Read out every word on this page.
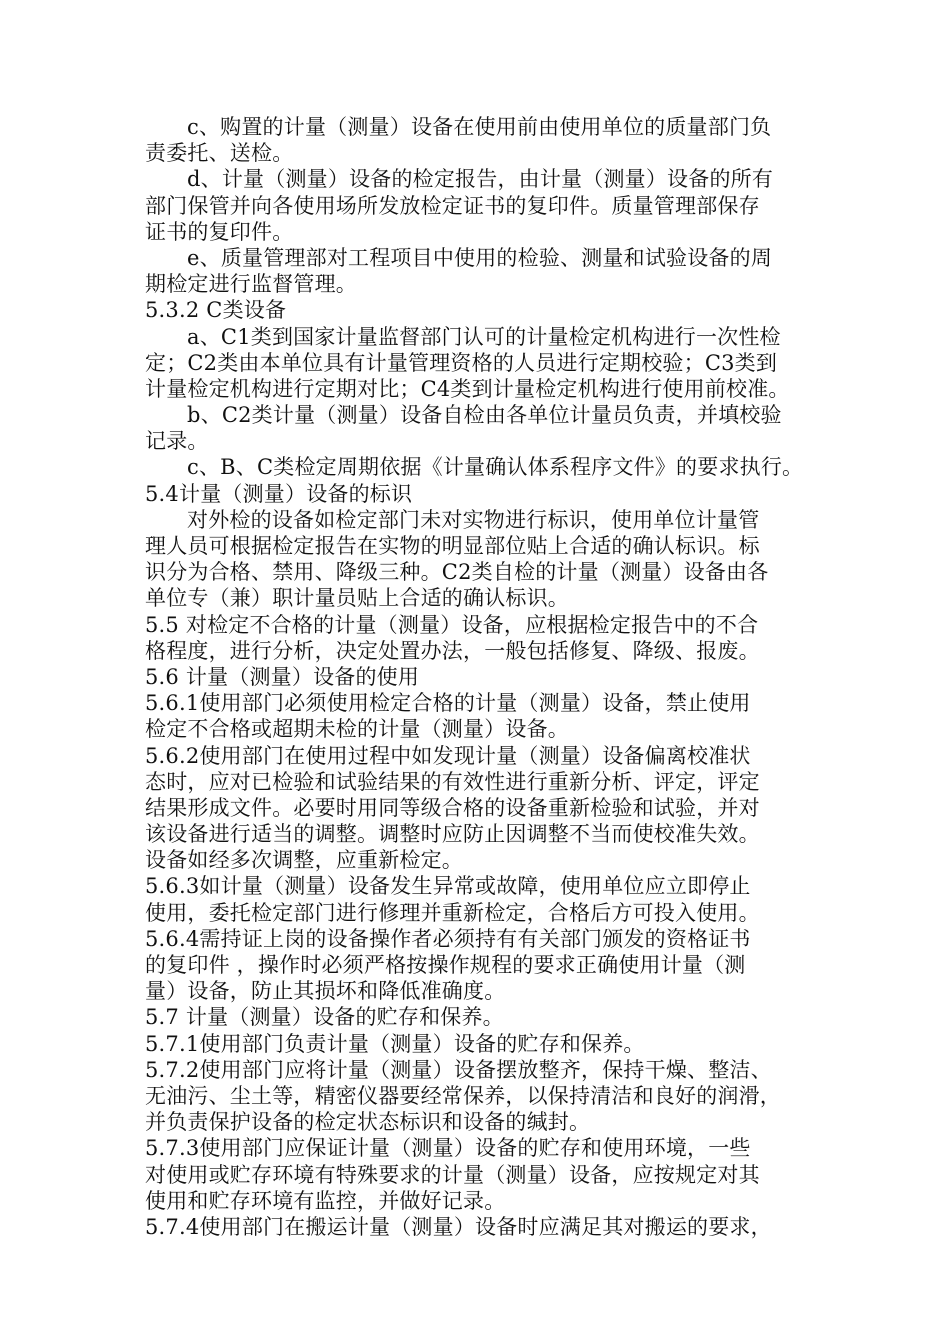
c、购置的计量（测量）设备在使用前由使用单位的质量部门负
责委托、送检。
d、计量（测量）设备的检定报告，由计量（测量）设备的所有
部门保管并向各使用场所发放检定证书的复印件。质量管理部保存
证书的复印件。
e、质量管理部对工程项目中使用的检验、测量和试验设备的周
期检定进行监督管理。
5.3.2 C类设备
a、C1类到国家计量监督部门认可的计量检定机构进行一次性检
定；C2类由本单位具有计量管理资格的人员进行定期校验；C3类到
计量检定机构进行定期对比；C4类到计量检定机构进行使用前校准。
b、C2类计量（测量）设备自检由各单位计量员负责，并填校验
记录。
c、B、C类检定周期依据《计量确认体系程序文件》的要求执行。
5.4计量（测量）设备的标识
对外检的设备如检定部门未对实物进行标识，使用单位计量管
理人员可根据检定报告在实物的明显部位贴上合适的确认标识。标
识分为合格、禁用、降级三种。C2类自检的计量（测量）设备由各
单位专（兼）职计量员贴上合适的确认标识。
5.5 对检定不合格的计量（测量）设备，应根据检定报告中的不合
格程度，进行分析，决定处置办法，一般包括修复、降级、报废。
5.6 计量（测量）设备的使用
5.6.1使用部门必须使用检定合格的计量（测量）设备，禁止使用
检定不合格或超期未检的计量（测量）设备。
5.6.2使用部门在使用过程中如发现计量（测量）设备偏离校准状
态时，应对已检验和试验结果的有效性进行重新分析、评定，评定
结果形成文件。必要时用同等级合格的设备重新检验和试验，并对
该设备进行适当的调整。调整时应防止因调整不当而使校准失效。
设备如经多次调整，应重新检定。
5.6.3如计量（测量）设备发生异常或故障，使用单位应立即停止
使用，委托检定部门进行修理并重新检定，合格后方可投入使用。
5.6.4需持证上岗的设备操作者必须持有有关部门颁发的资格证书
的复印件 ，操作时必须严格按操作规程的要求正确使用计量（测
量）设备，防止其损坏和降低准确度。
5.7 计量（测量）设备的贮存和保养。
5.7.1使用部门负责计量（测量）设备的贮存和保养。
5.7.2使用部门应将计量（测量）设备摆放整齐，保持干燥、整洁、
无油污、尘土等，精密仪器要经常保养，以保持清洁和良好的润滑，
并负责保护设备的检定状态标识和设备的缄封。
5.7.3使用部门应保证计量（测量）设备的贮存和使用环境，一些
对使用或贮存环境有特殊要求的计量（测量）设备，应按规定对其
使用和贮存环境有监控，并做好记录。
5.7.4使用部门在搬运计量（测量）设备时应满足其对搬运的要求，
